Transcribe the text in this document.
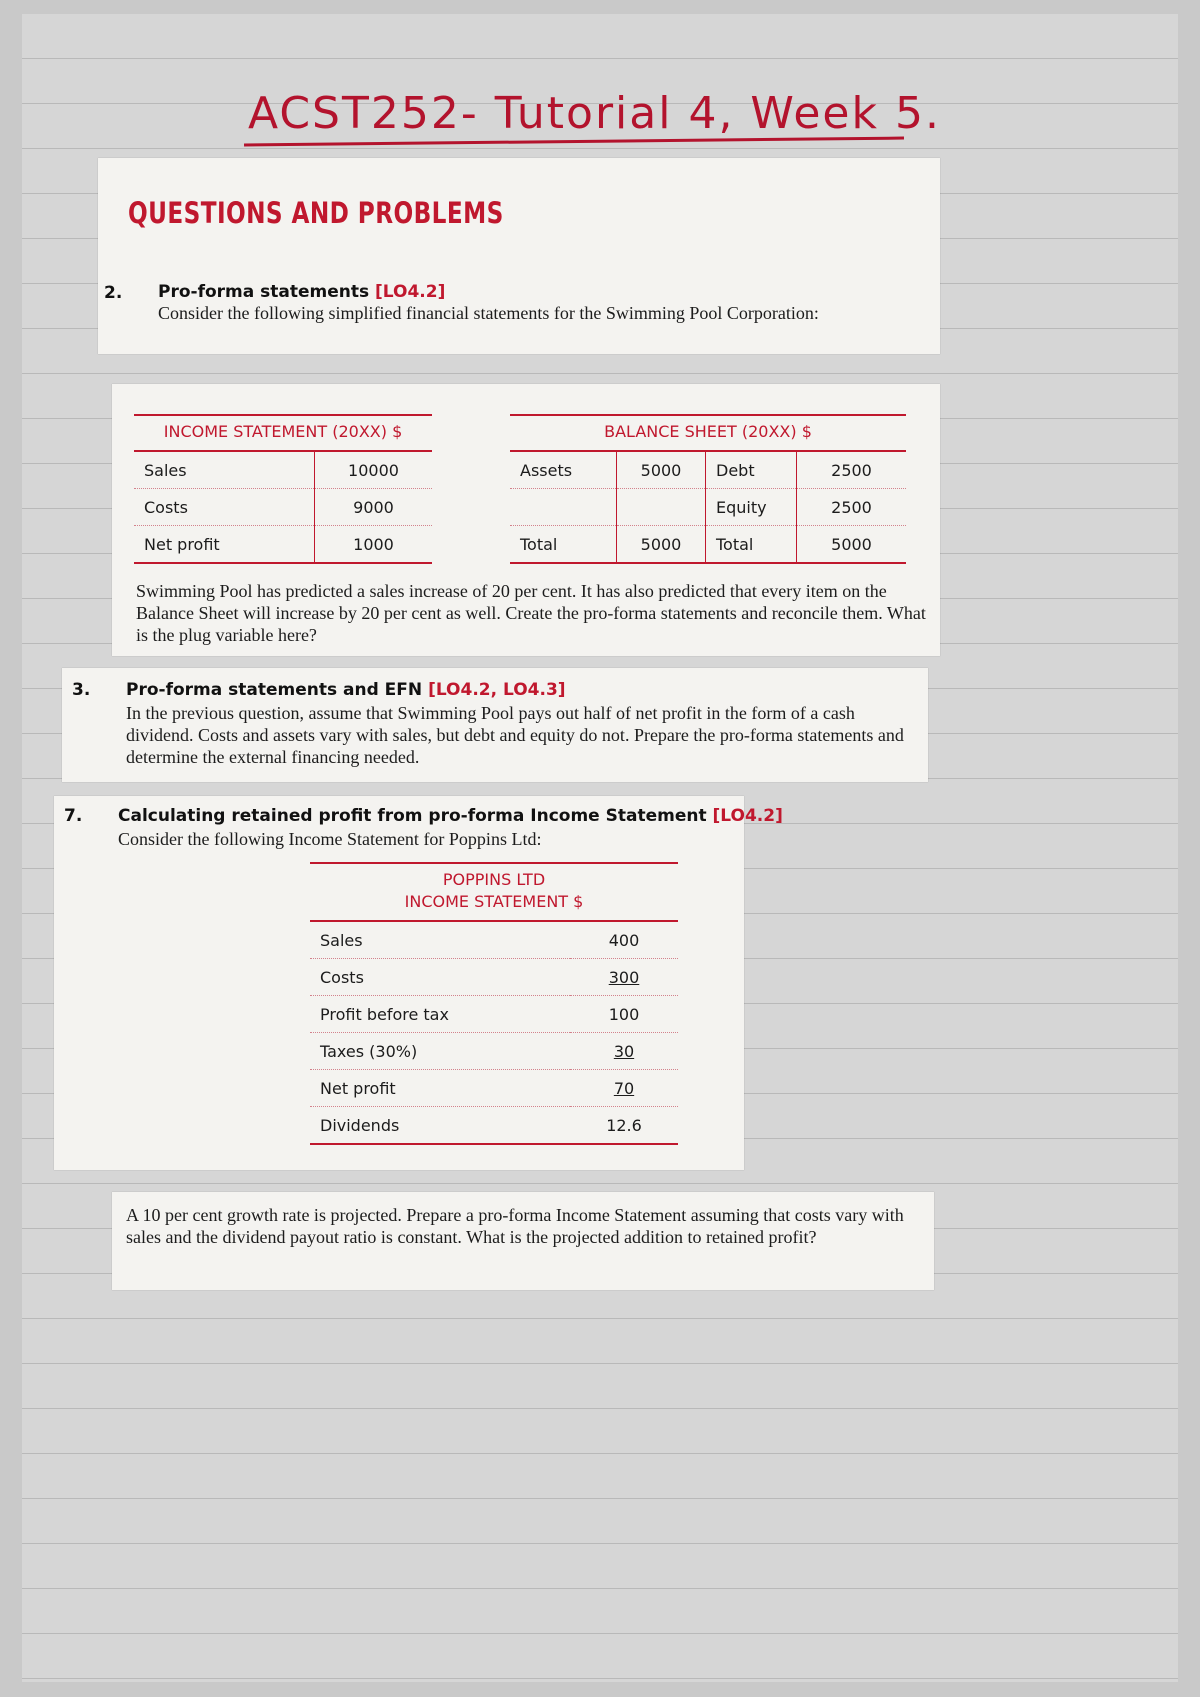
ACST252- Tutorial 4, Week 5.
QUESTIONS AND PROBLEMS
2. Pro-forma statements [LO4.2]
Consider the following simplified financial statements for the Swimming Pool Corporation:
INCOME STATEMENT (20XX) $
Sales	10000
Costs	9000
Net profit	1000
BALANCE SHEET (20XX) $
Assets	5000	Debt	2500
		Equity	2500
Total	5000	Total	5000
Swimming Pool has predicted a sales increase of 20 per cent. It has also predicted that every item on the Balance Sheet will increase by 20 per cent as well. Create the pro-forma statements and reconcile them. What is the plug variable here?
3. Pro-forma statements and EFN [LO4.2, LO4.3]
In the previous question, assume that Swimming Pool pays out half of net profit in the form of a cash dividend. Costs and assets vary with sales, but debt and equity do not. Prepare the pro-forma statements and determine the external financing needed.
7. Calculating retained profit from pro-forma Income Statement [LO4.2]
Consider the following Income Statement for Poppins Ltd:
POPPINS LTD
INCOME STATEMENT $
Sales	400
Costs	300
Profit before tax	100
Taxes (30%)	30
Net profit	70
Dividends	12.6
A 10 per cent growth rate is projected. Prepare a pro-forma Income Statement assuming that costs vary with sales and the dividend payout ratio is constant. What is the projected addition to retained profit?
